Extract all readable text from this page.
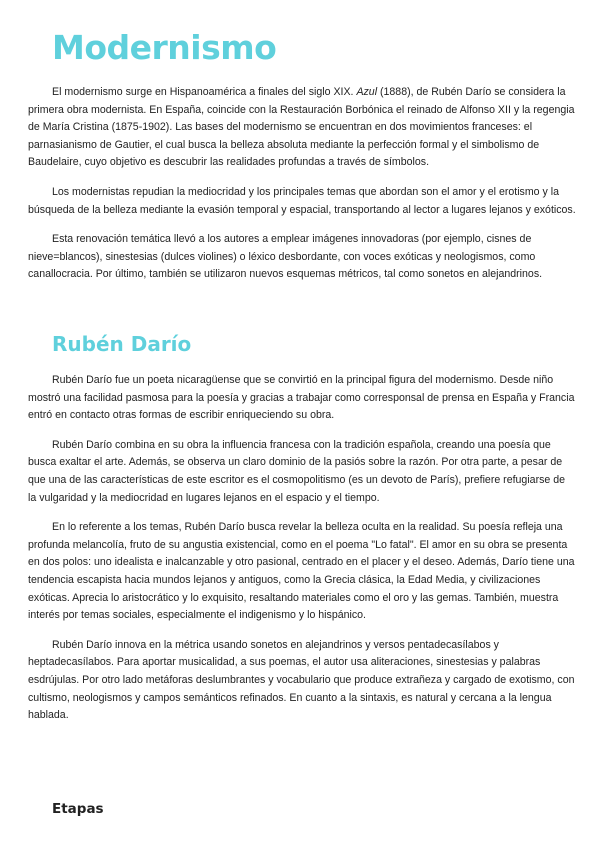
Modernismo

El modernismo surge en Hispanoamérica a finales del siglo XIX. Azul (1888), de Rubén Darío se considera la primera obra modernista. En España, coincide con la Restauración Borbónica el reinado de Alfonso XII y la regengia de María Cristina (1875-1902). Las bases del modernismo se encuentran en dos movimientos franceses: el parnasianismo de Gautier, el cual busca la belleza absoluta mediante la perfección formal y el simbolismo de Baudelaire, cuyo objetivo es descubrir las realidades profundas a través de símbolos.

Los modernistas repudian la mediocridad y los principales temas que abordan son el amor y el erotismo y la búsqueda de la belleza mediante la evasión temporal y espacial, transportando al lector a lugares lejanos y exóticos.

Esta renovación temática llevó a los autores a emplear imágenes innovadoras (por ejemplo, cisnes de nieve=blancos), sinestesias (dulces violines) o léxico desbordante, con voces exóticas y neologismos, como canallocracia. Por último, también se utilizaron nuevos esquemas métricos, tal como sonetos en alejandrinos.

Rubén Darío

Rubén Darío fue un poeta nicaragüense que se convirtió en la principal figura del modernismo. Desde niño mostró una facilidad pasmosa para la poesía y gracias a trabajar como corresponsal de prensa en España y Francia entró en contacto otras formas de escribir enriqueciendo su obra.

Rubén Darío combina en su obra la influencia francesa con la tradición española, creando una poesía que busca exaltar el arte. Además, se observa un claro dominio de la pasiós sobre la razón. Por otra parte, a pesar de que una de las características de este escritor es el cosmopolitismo (es un devoto de París), prefiere refugiarse de la vulgaridad y la mediocridad en lugares lejanos en el espacio y el tiempo.

En lo referente a los temas, Rubén Darío busca revelar la belleza oculta en la realidad. Su poesía refleja una profunda melancolía, fruto de su angustia existencial, como en el poema "Lo fatal". El amor en su obra se presenta en dos polos: uno idealista e inalcanzable y otro pasional, centrado en el placer y el deseo. Además, Darío tiene una tendencia escapista hacia mundos lejanos y antiguos, como la Grecia clásica, la Edad Media, y civilizaciones exóticas. Aprecia lo aristocrático y lo exquisito, resaltando materiales como el oro y las gemas. También, muestra interés por temas sociales, especialmente el indigenismo y lo hispánico.

Rubén Darío innova en la métrica usando sonetos en alejandrinos y versos pentadecasílabos y heptadecasílabos. Para aportar musicalidad, a sus poemas, el autor usa aliteraciones, sinestesias y palabras esdrújulas. Por otro lado metáforas deslumbrantes y vocabulario que produce extrañeza y cargado de exotismo, con cultismo, neologismos y campos semánticos refinados. En cuanto a la sintaxis, es natural y cercana a la lengua hablada.

Etapas
